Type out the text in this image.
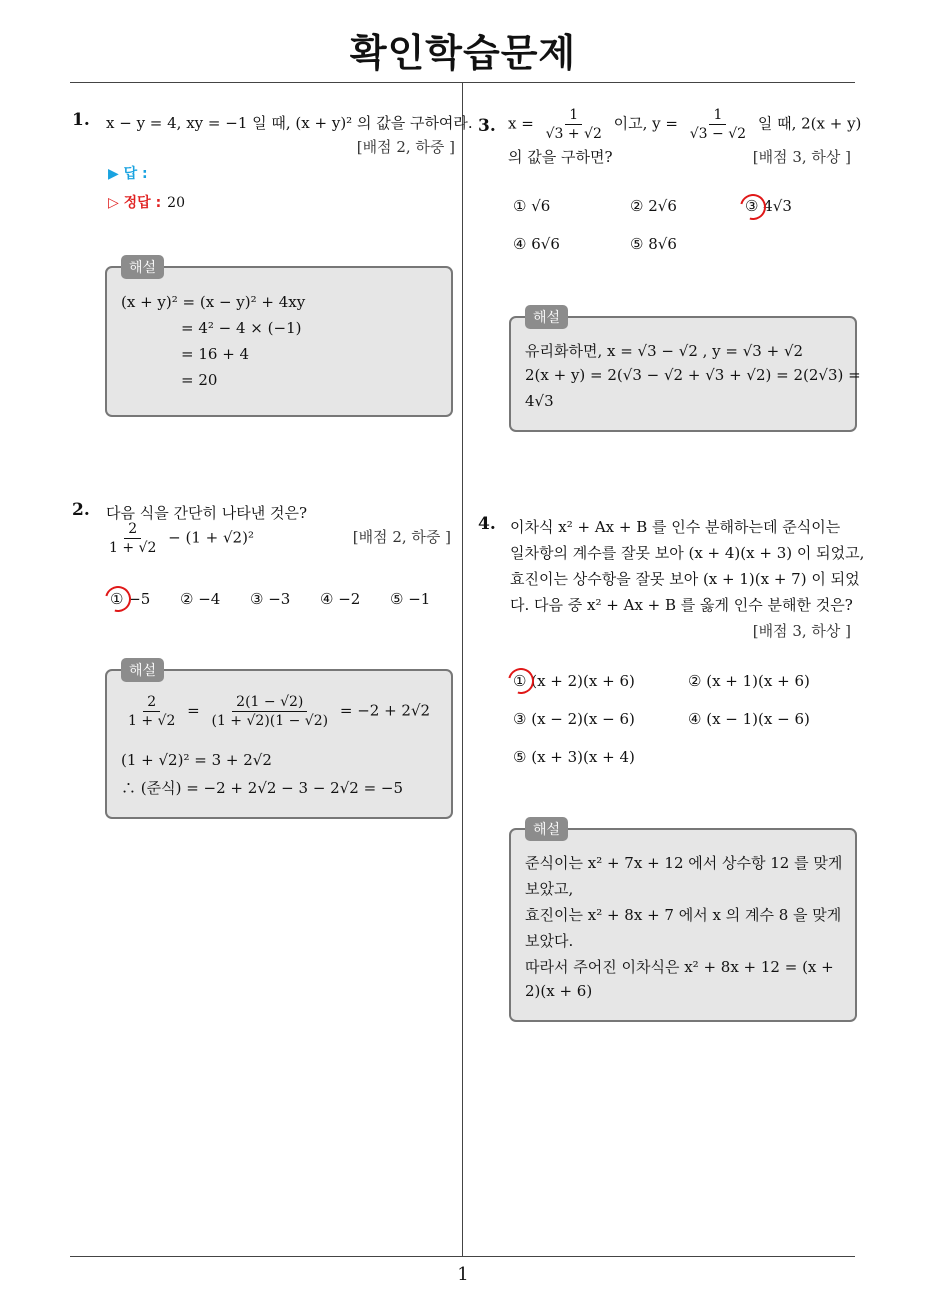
확인학습문제
1
1. x − y = 4, xy = −1 일 때, (x + y)² 의 값을 구하여라.
[배점 2, 하중 ]
▶ 답 :
▷ 정답 : 20
해설
(x + y)² = (x − y)² + 4xy
= 4² − 4 × (−1)
= 16 + 4
= 20
2. 다음 식을 간단히 나타낸 것은?
$\frac{2}{1 + √2} - (1 + √2)^2$	[배점 2, 하중 ]
① −5 ② −4 ③ −3 ④ −2 ⑤ −1
해설
$\frac{2}{1 + √2} = \frac{2(1 - √2)}{(1 + √2)(1 - √2)} = -2 + 2√2$
(1 + √2)² = 3 + 2√2
∴ (준식) = −2 + 2√2 − 3 − 2√2 = −5
3. $x = \frac{1}{√3 + √2}$ 이고, $y = \frac{1}{√3 - √2}$ 일 때, 2(x + y)
의 값을 구하면?	[배점 3, 하상 ]
① √6	② 2√6	③ 4√3
④ 6√6	⑤ 8√6
해설
유리화하면, x = √3 − √2 , y = √3 + √2
2(x + y) = 2(√3 − √2 + √3 + √2) = 2(2√3) =
4√3
4. 이차식 x² + Ax + B 를 인수 분해하는데 준식이는
일차항의 계수를 잘못 보아 (x + 4)(x + 3) 이 되었고,
효진이는 상수항을 잘못 보아 (x + 1)(x + 7) 이 되었
다. 다음 중 x² + Ax + B 를 옳게 인수 분해한 것은?
[배점 3, 하상 ]
① (x + 2)(x + 6)	② (x + 1)(x + 6)
③ (x − 2)(x − 6)	④ (x − 1)(x − 6)
⑤ (x + 3)(x + 4)
해설
준식이는 x² + 7x + 12 에서 상수항 12 를 맞게
보았고,
효진이는 x² + 8x + 7 에서 x 의 계수 8 을 맞게
보았다.
따라서 주어진 이차식은 x² + 8x + 12 = (x +
2)(x + 6)
